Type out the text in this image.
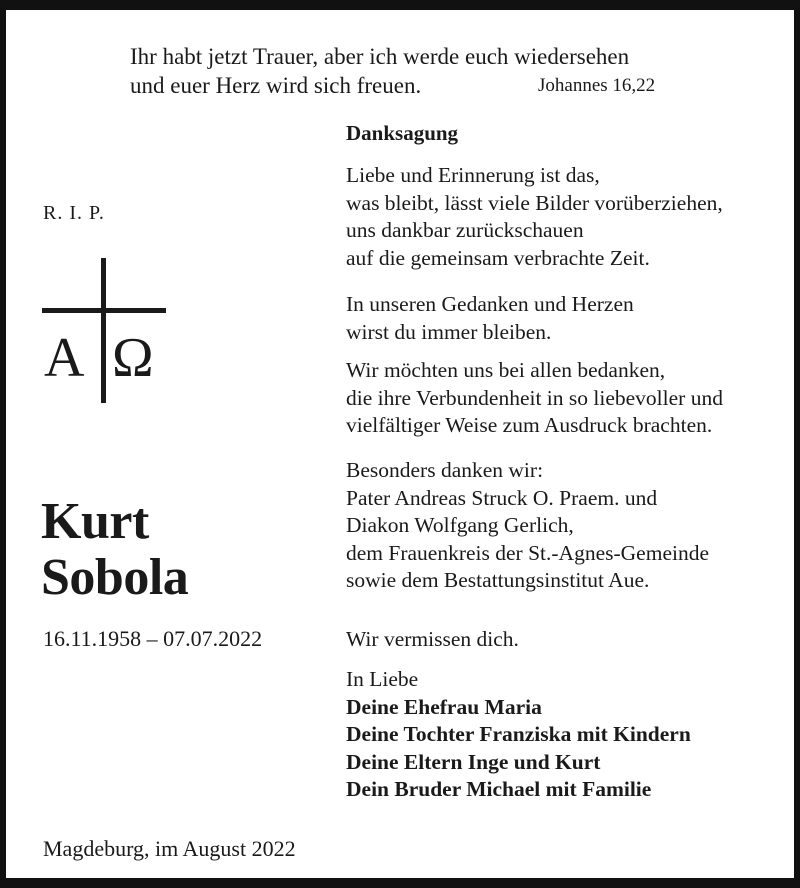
Ihr habt jetzt Trauer, aber ich werde euch wiedersehen
und euer Herz wird sich freuen.	Johannes 16,22
Danksagung
Liebe und Erinnerung ist das,
was bleibt, lässt viele Bilder vorüberziehen,
uns dankbar zurückschauen
auf die gemeinsam verbrachte Zeit.
In unseren Gedanken und Herzen
wirst du immer bleiben.
Wir möchten uns bei allen bedanken,
die ihre Verbundenheit in so liebevoller und
vielfältiger Weise zum Ausdruck brachten.
Besonders danken wir:
Pater Andreas Struck O. Praem. und
Diakon Wolfgang Gerlich,
dem Frauenkreis der St.-Agnes-Gemeinde
sowie dem Bestattungsinstitut Aue.
Wir vermissen dich.
In Liebe
Deine Ehefrau Maria
Deine Tochter Franziska mit Kindern
Deine Eltern Inge und Kurt
Dein Bruder Michael mit Familie
R. I. P.
A Ω
Kurt
Sobola
16.11.1958 – 07.07.2022
Magdeburg, im August 2022
